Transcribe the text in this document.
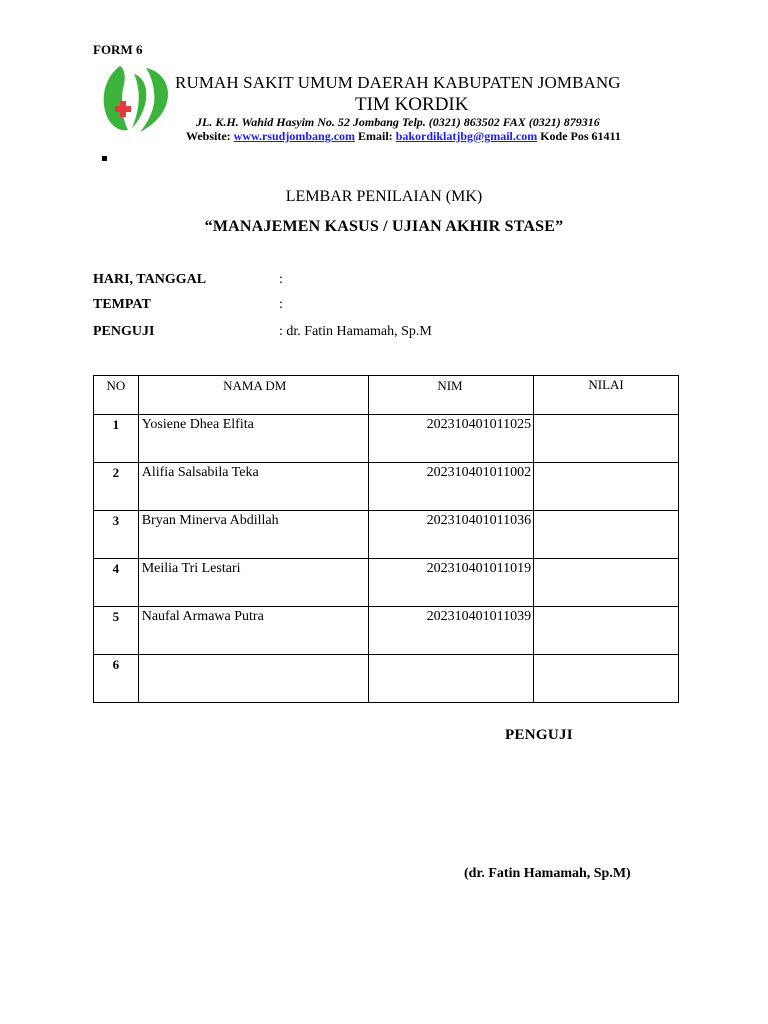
FORM 6
RUMAH SAKIT UMUM DAERAH KABUPATEN JOMBANG
TIM KORDIK
JL. K.H. Wahid Hasyim No. 52 Jombang Telp. (0321) 863502 FAX (0321) 879316
Website: www.rsudjombang.com Email: bakordiklatjbg@gmail.com Kode Pos 61411
LEMBAR PENILAIAN (MK)
“MANAJEMEN KASUS / UJIAN AKHIR STASE”
HARI, TANGGAL	:
TEMPAT	:
PENGUJI	: dr. Fatin Hamamah, Sp.M
NO	NAMA DM	NIM	NILAI
1	Yosiene Dhea Elfita	202310401011025	
2	Alifia Salsabila Teka	202310401011002	
3	Bryan Minerva Abdillah	202310401011036	
4	Meilia Tri Lestari	202310401011019	
5	Naufal Armawa Putra	202310401011039	
6			
PENGUJI
(dr. Fatin Hamamah, Sp.M)
